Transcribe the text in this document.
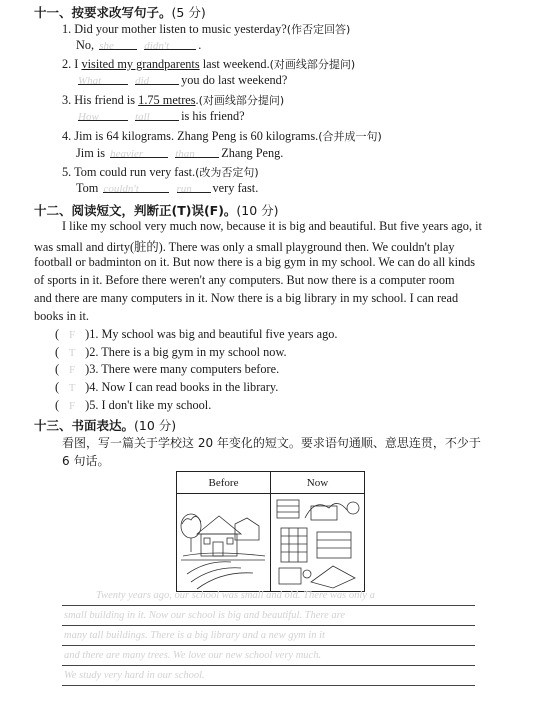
十一、按要求改写句子。(5 分)
1. Did your mother listen to music yesterday?(作否定回答)
No, she	didn't .
2. I visited my grandparents last weekend.(对画线部分提问)
What	did	you do last weekend?
3. His friend is 1.75 metres.(对画线部分提问)
How	tall	is his friend?
4. Jim is 64 kilograms. Zhang Peng is 60 kilograms.(合并成一句)
Jim is heavier	than Zhang Peng.
5. Tom could run very fast.(改为否定句)
Tom couldn't	run very fast.
十二、阅读短文，判断正(T)误(F)。(10 分)
I like my school very much now, because it is big and beautiful. But five years ago, it
was small and dirty(脏的). There was only a small playground then. We couldn't play
football or badminton on it. But now there is a big gym in my school. We can do all kinds
of sports in it. Before there weren't any computers. But now there is a computer room
and there are many computers in it. Now there is a big library in my school. I can read
books in it.
( F )1. My school was big and beautiful five years ago.
( T )2. There is a big gym in my school now.
( F )3. There were many computers before.
( T )4. Now I can read books in the library.
( F )5. I don't like my school.
十三、书面表达。(10 分)
看图，写一篇关于学校这 20 年变化的短文。要求语句通顺、意思连贯，不少于
6 句话。
Before	Now
Twenty years ago, our school was small and old. There was only a
small building in it. Now our school is big and beautiful. There are
many tall buildings. There is a big library and a new gym in it
and there are many trees. We love our new school very much.
We study very hard in our school.
